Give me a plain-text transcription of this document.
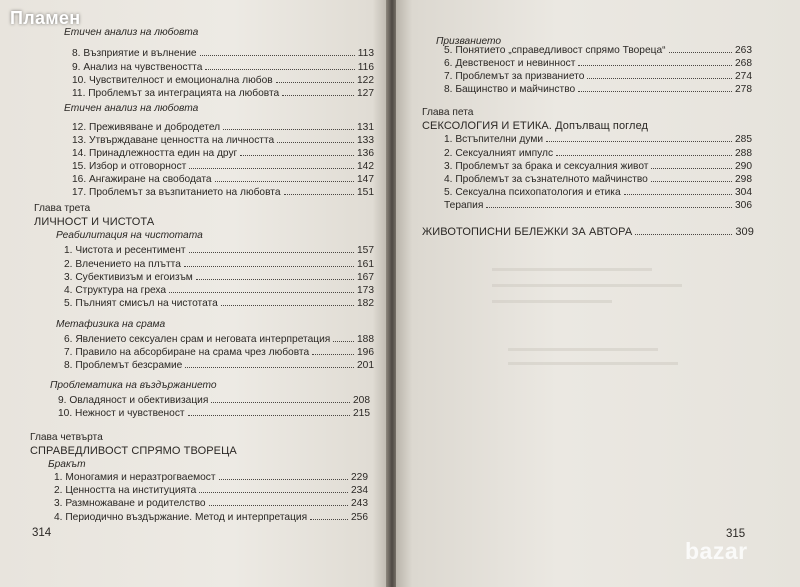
Етичен анализ на любовта
8. Възприятие и вълнение	113
9. Анализ на чувствеността	116
10. Чувствителност и емоционална любов	122
11. Проблемът за интеграцията на любовта	127
Етичен анализ на любовта
12. Преживяване и добродетел	131
13. Утвърждаване ценността на личността	133
14. Принадлежността един на друг	136
15. Избор и отговорност	142
16. Ангажиране на свободата	147
17. Проблемът за възпитанието на любовта	151
Глава трета
ЛИЧНОСТ И ЧИСТОТА
Реабилитация на чистотата
1. Чистота и ресентимент	157
2. Влечението на плътта	161
3. Субективизъм и егоизъм	167
4. Структура на греха	173
5. Пълният смисъл на чистотата	182
Метафизика на срама
6. Явлението сексуален срам и неговата интерпретация	188
7. Правило на абсорбиране на срама чрез любовта	196
8. Проблемът безсрамие	201
Проблематика на въздържанието
9. Овладяност и обективизация	208
10. Нежност и чувственост	215
Глава четвърта
СПРАВЕДЛИВОСТ СПРЯМО ТВОРЕЦА
Бракът
1. Моногамия и неразтрогваемост	229
2. Ценността на институцията	234
3. Размножаване и родителство	243
4. Периодично въздържание. Метод и интерпретация	256
314
Призванието
5. Понятието „справедливост спрямо Твореца“	263
6. Девственост и невинност	268
7. Проблемът за призванието	274
8. Бащинство и майчинство	278
Глава пета
СЕКСОЛОГИЯ И ЕТИКА. Допълващ поглед
1. Встъпителни думи	285
2. Сексуалният импулс	288
3. Проблемът за брака и сексуалния живот	290
4. Проблемът за съзнателното майчинство	298
5. Сексуална психопатология и етика	304
Терапия	306
ЖИВОТОПИСНИ БЕЛЕЖКИ ЗА АВТОРА	309
315
Пламен
bazar
